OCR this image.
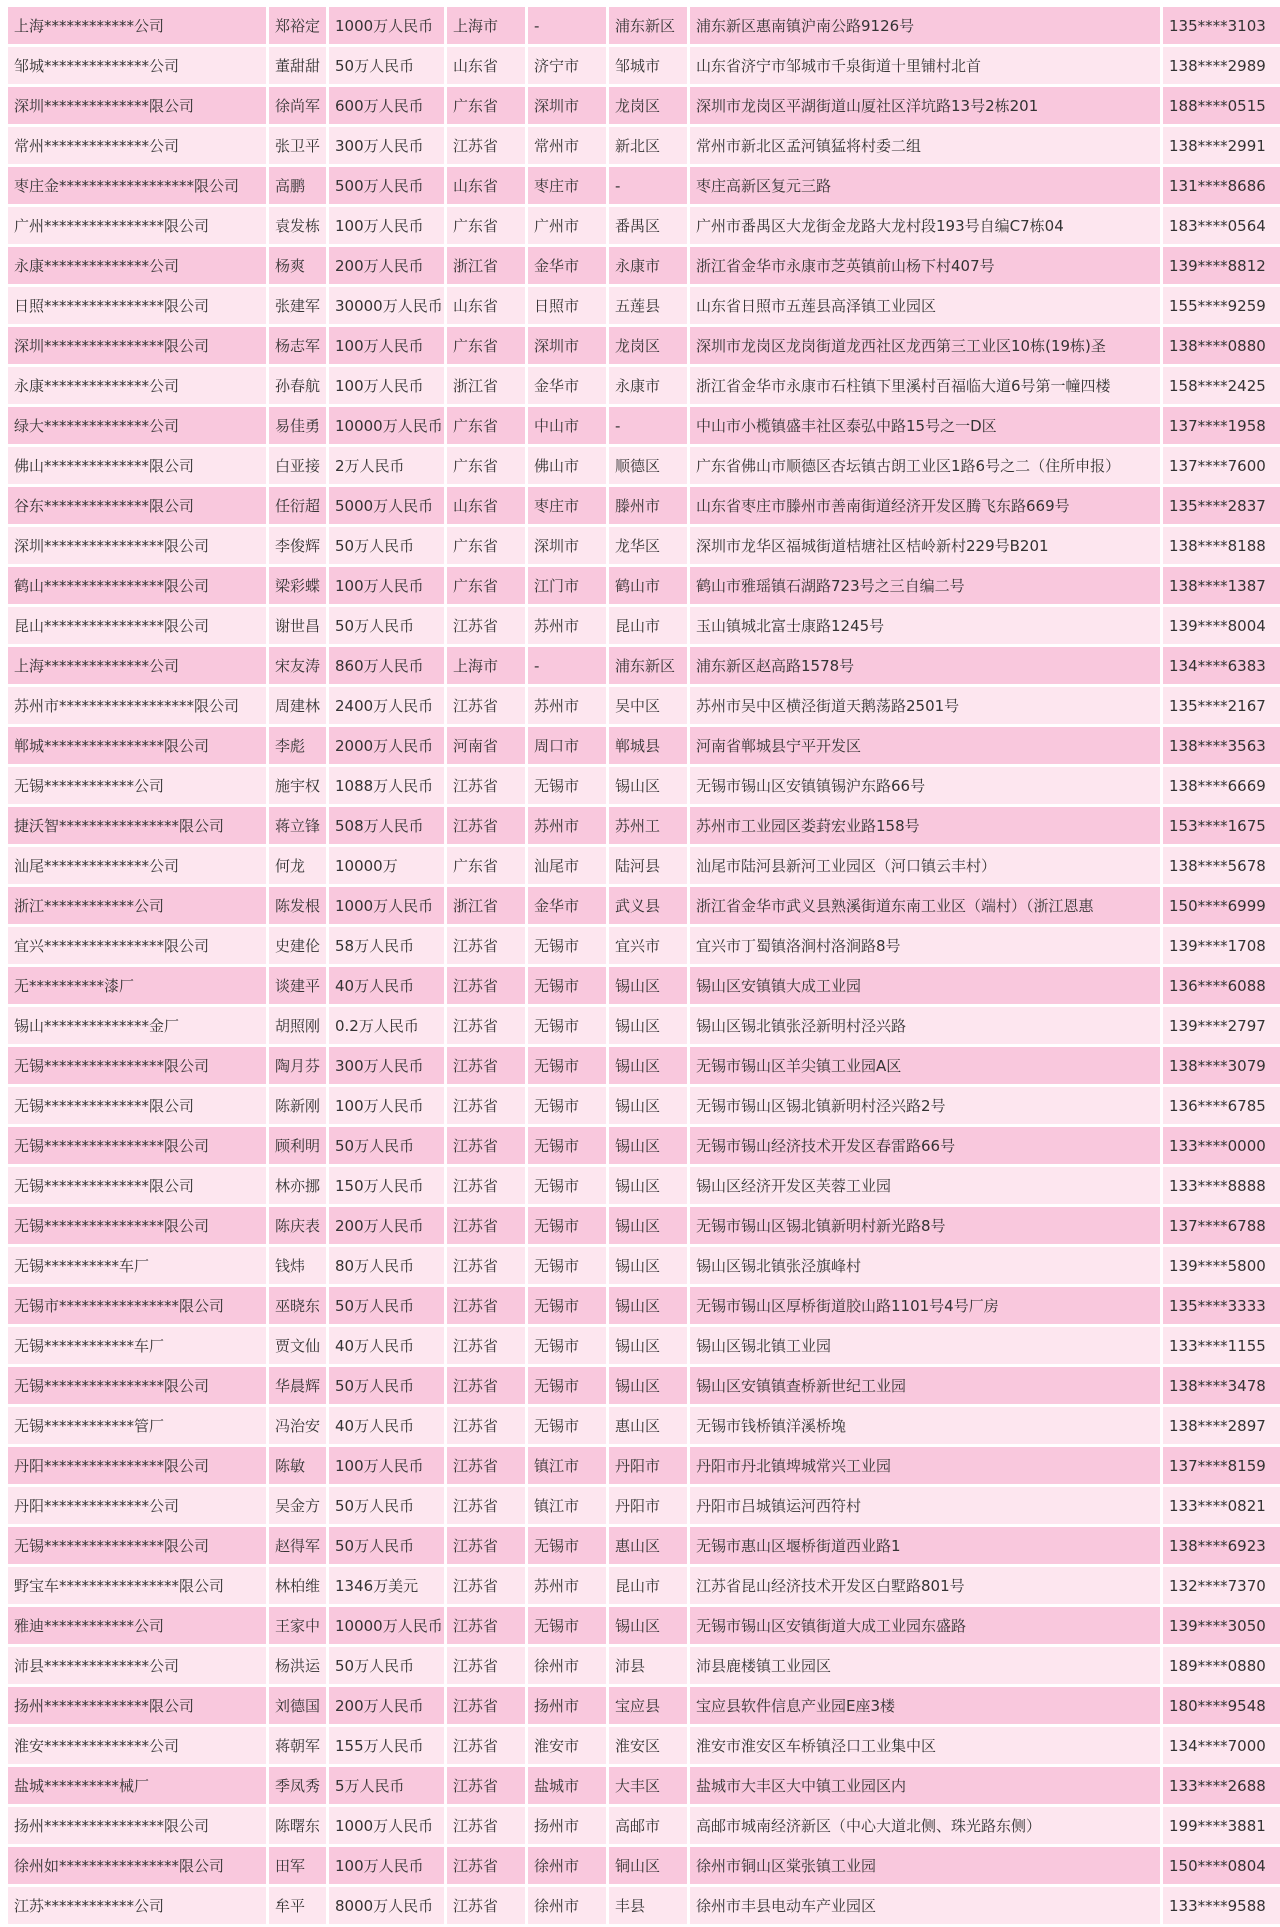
上海************公司	郑裕定	1000万人民币	上海市	-	浦东新区	浦东新区惠南镇沪南公路9126号	135****3103
邹城**************公司	董甜甜	50万人民币	山东省	济宁市	邹城市	山东省济宁市邹城市千泉街道十里铺村北首	138****2989
深圳**************限公司	徐尚军	600万人民币	广东省	深圳市	龙岗区	深圳市龙岗区平湖街道山厦社区洋坑路13号2栋201	188****0515
常州**************公司	张卫平	300万人民币	江苏省	常州市	新北区	常州市新北区孟河镇猛将村委二组	138****2991
枣庄金******************限公司	高鹏	500万人民币	山东省	枣庄市	-	枣庄高新区复元三路	131****8686
广州****************限公司	袁发栋	100万人民币	广东省	广州市	番禺区	广州市番禺区大龙街金龙路大龙村段193号自编C7栋04	183****0564
永康**************公司	杨爽	200万人民币	浙江省	金华市	永康市	浙江省金华市永康市芝英镇前山杨下村407号	139****8812
日照****************限公司	张建军	30000万人民币	山东省	日照市	五莲县	山东省日照市五莲县高泽镇工业园区	155****9259
深圳****************限公司	杨志军	100万人民币	广东省	深圳市	龙岗区	深圳市龙岗区龙岗街道龙西社区龙西第三工业区10栋(19栋)圣	138****0880
永康**************公司	孙春航	100万人民币	浙江省	金华市	永康市	浙江省金华市永康市石柱镇下里溪村百福临大道6号第一幢四楼	158****2425
绿大**************公司	易佳勇	10000万人民币	广东省	中山市	-	中山市小榄镇盛丰社区泰弘中路15号之一D区	137****1958
佛山**************限公司	白亚接	2万人民币	广东省	佛山市	顺德区	广东省佛山市顺德区杏坛镇古朗工业区1路6号之二（住所申报）	137****7600
谷东**************限公司	任衍超	5000万人民币	山东省	枣庄市	滕州市	山东省枣庄市滕州市善南街道经济开发区腾飞东路669号	135****2837
深圳****************限公司	李俊辉	50万人民币	广东省	深圳市	龙华区	深圳市龙华区福城街道桔塘社区桔岭新村229号B201	138****8188
鹤山****************限公司	梁彩蝶	100万人民币	广东省	江门市	鹤山市	鹤山市雅瑶镇石湖路723号之三自编二号	138****1387
昆山****************限公司	谢世昌	50万人民币	江苏省	苏州市	昆山市	玉山镇城北富士康路1245号	139****8004
上海**************公司	宋友涛	860万人民币	上海市	-	浦东新区	浦东新区赵高路1578号	134****6383
苏州市******************限公司	周建林	2400万人民币	江苏省	苏州市	吴中区	苏州市吴中区横泾街道天鹅荡路2501号	135****2167
郸城****************限公司	李彪	2000万人民币	河南省	周口市	郸城县	河南省郸城县宁平开发区	138****3563
无锡************公司	施宇权	1088万人民币	江苏省	无锡市	锡山区	无锡市锡山区安镇镇锡沪东路66号	138****6669
捷沃智****************限公司	蒋立锋	508万人民币	江苏省	苏州市	苏州工	苏州市工业园区娄葑宏业路158号	153****1675
汕尾**************公司	何龙	10000万	广东省	汕尾市	陆河县	汕尾市陆河县新河工业园区（河口镇云丰村）	138****5678
浙江************公司	陈发根	1000万人民币	浙江省	金华市	武义县	浙江省金华市武义县熟溪街道东南工业区（端村）（浙江恩惠	150****6999
宜兴****************限公司	史建伦	58万人民币	江苏省	无锡市	宜兴市	宜兴市丁蜀镇洛涧村洛涧路8号	139****1708
无**********漆厂	谈建平	40万人民币	江苏省	无锡市	锡山区	锡山区安镇镇大成工业园	136****6088
锡山**************金厂	胡照刚	0.2万人民币	江苏省	无锡市	锡山区	锡山区锡北镇张泾新明村泾兴路	139****2797
无锡****************限公司	陶月芬	300万人民币	江苏省	无锡市	锡山区	无锡市锡山区羊尖镇工业园A区	138****3079
无锡**************限公司	陈新刚	100万人民币	江苏省	无锡市	锡山区	无锡市锡山区锡北镇新明村泾兴路2号	136****6785
无锡****************限公司	顾利明	50万人民币	江苏省	无锡市	锡山区	无锡市锡山经济技术开发区春雷路66号	133****0000
无锡**************限公司	林亦挪	150万人民币	江苏省	无锡市	锡山区	锡山区经济开发区芙蓉工业园	133****8888
无锡****************限公司	陈庆表	200万人民币	江苏省	无锡市	锡山区	无锡市锡山区锡北镇新明村新光路8号	137****6788
无锡**********车厂	钱炜	80万人民币	江苏省	无锡市	锡山区	锡山区锡北镇张泾旗峰村	139****5800
无锡市****************限公司	巫晓东	50万人民币	江苏省	无锡市	锡山区	无锡市锡山区厚桥街道胶山路1101号4号厂房	135****3333
无锡************车厂	贾文仙	40万人民币	江苏省	无锡市	锡山区	锡山区锡北镇工业园	133****1155
无锡****************限公司	华晨辉	50万人民币	江苏省	无锡市	锡山区	锡山区安镇镇查桥新世纪工业园	138****3478
无锡************管厂	冯治安	40万人民币	江苏省	无锡市	惠山区	无锡市钱桥镇洋溪桥堍	138****2897
丹阳****************限公司	陈敏	100万人民币	江苏省	镇江市	丹阳市	丹阳市丹北镇埤城常兴工业园	137****8159
丹阳**************公司	吴金方	50万人民币	江苏省	镇江市	丹阳市	丹阳市吕城镇运河西符村	133****0821
无锡****************限公司	赵得军	50万人民币	江苏省	无锡市	惠山区	无锡市惠山区堰桥街道西业路1	138****6923
野宝车****************限公司	林柏维	1346万美元	江苏省	苏州市	昆山市	江苏省昆山经济技术开发区白墅路801号	132****7370
雅迪************公司	王家中	10000万人民币	江苏省	无锡市	锡山区	无锡市锡山区安镇街道大成工业园东盛路	139****3050
沛县**************公司	杨洪运	50万人民币	江苏省	徐州市	沛县	沛县鹿楼镇工业园区	189****0880
扬州**************限公司	刘德国	200万人民币	江苏省	扬州市	宝应县	宝应县软件信息产业园E座3楼	180****9548
淮安**************公司	蒋朝军	155万人民币	江苏省	淮安市	淮安区	淮安市淮安区车桥镇泾口工业集中区	134****7000
盐城**********械厂	季凤秀	5万人民币	江苏省	盐城市	大丰区	盐城市大丰区大中镇工业园区内	133****2688
扬州****************限公司	陈曙东	1000万人民币	江苏省	扬州市	高邮市	高邮市城南经济新区（中心大道北侧、珠光路东侧）	199****3881
徐州如****************限公司	田军	100万人民币	江苏省	徐州市	铜山区	徐州市铜山区棠张镇工业园	150****0804
江苏************公司	牟平	8000万人民币	江苏省	徐州市	丰县	徐州市丰县电动车产业园区	133****9588
